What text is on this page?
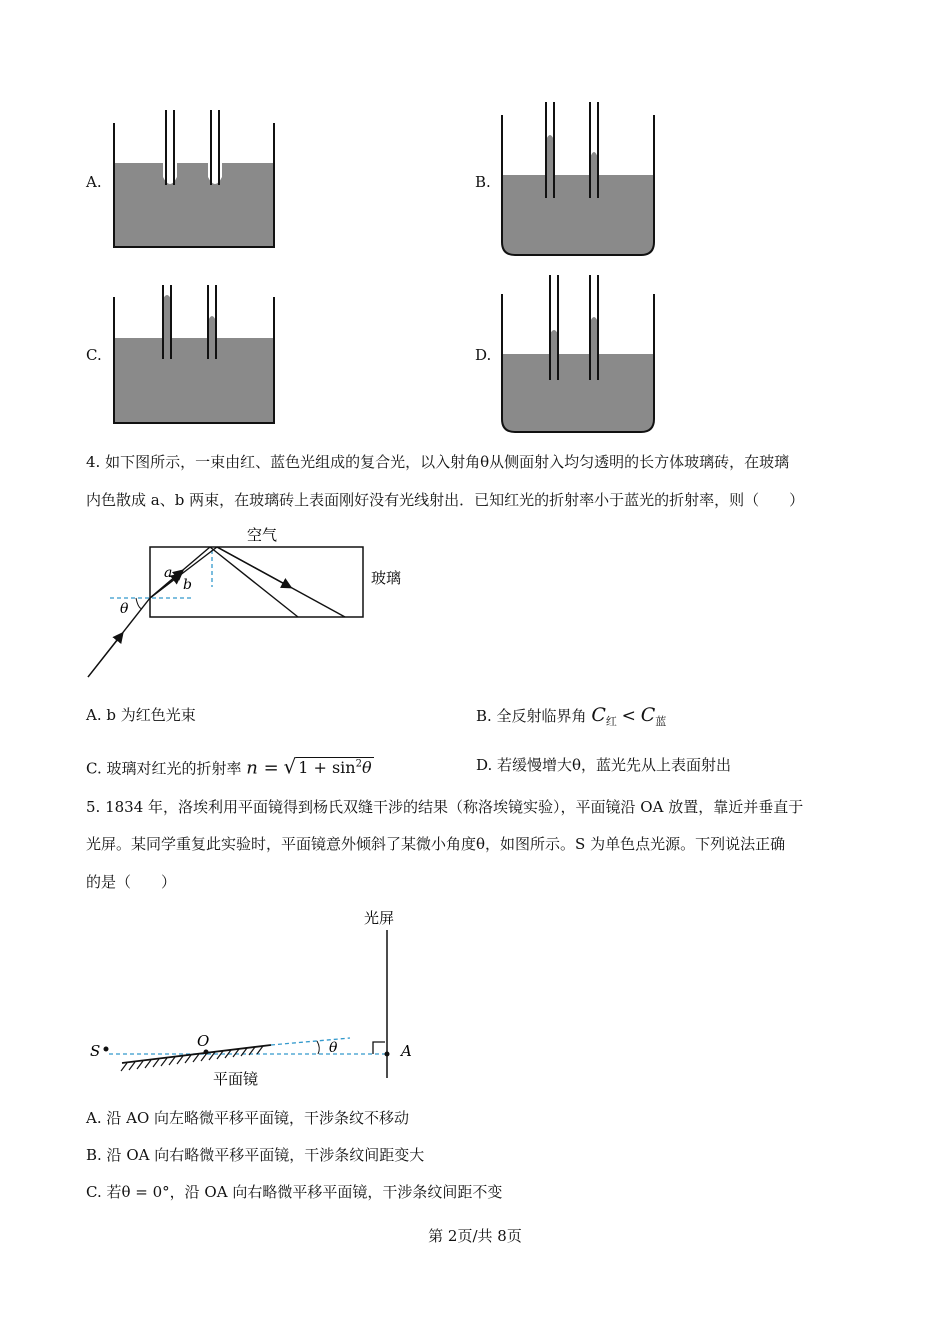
A.	B.
C.	D.
4. 如下图所示，一束由红、蓝色光组成的复合光，以入射角θ从侧面射入均匀透明的长方体玻璃砖，在玻璃
内色散成 a、b 两束，在玻璃砖上表面刚好没有光线射出．已知红光的折射率小于蓝光的折射率，则（　　）
θ
a
b
空气
玻璃
A. b 为红色光束	B. 全反射临界角 $C_红 < C_蓝$
C. 玻璃对红光的折射率 n = √ $1 + \sin^2\theta$	D. 若缓慢增大θ，蓝光先从上表面射出
5. 1834 年，洛埃利用平面镜得到杨氏双缝干涉的结果（称洛埃镜实验），平面镜沿 OA 放置，靠近并垂直于
光屏。某同学重复此实验时，平面镜意外倾斜了某微小角度θ，如图所示。S 为单色点光源。下列说法正确
的是（　　）
光屏
θ
S
O
A
平面镜
A. 沿 AO 向左略微平移平面镜，干涉条纹不移动
B. 沿 OA 向右略微平移平面镜，干涉条纹间距变大
C. 若θ = 0°，沿 OA 向右略微平移平面镜，干涉条纹间距不变
第 2页/共 8页
